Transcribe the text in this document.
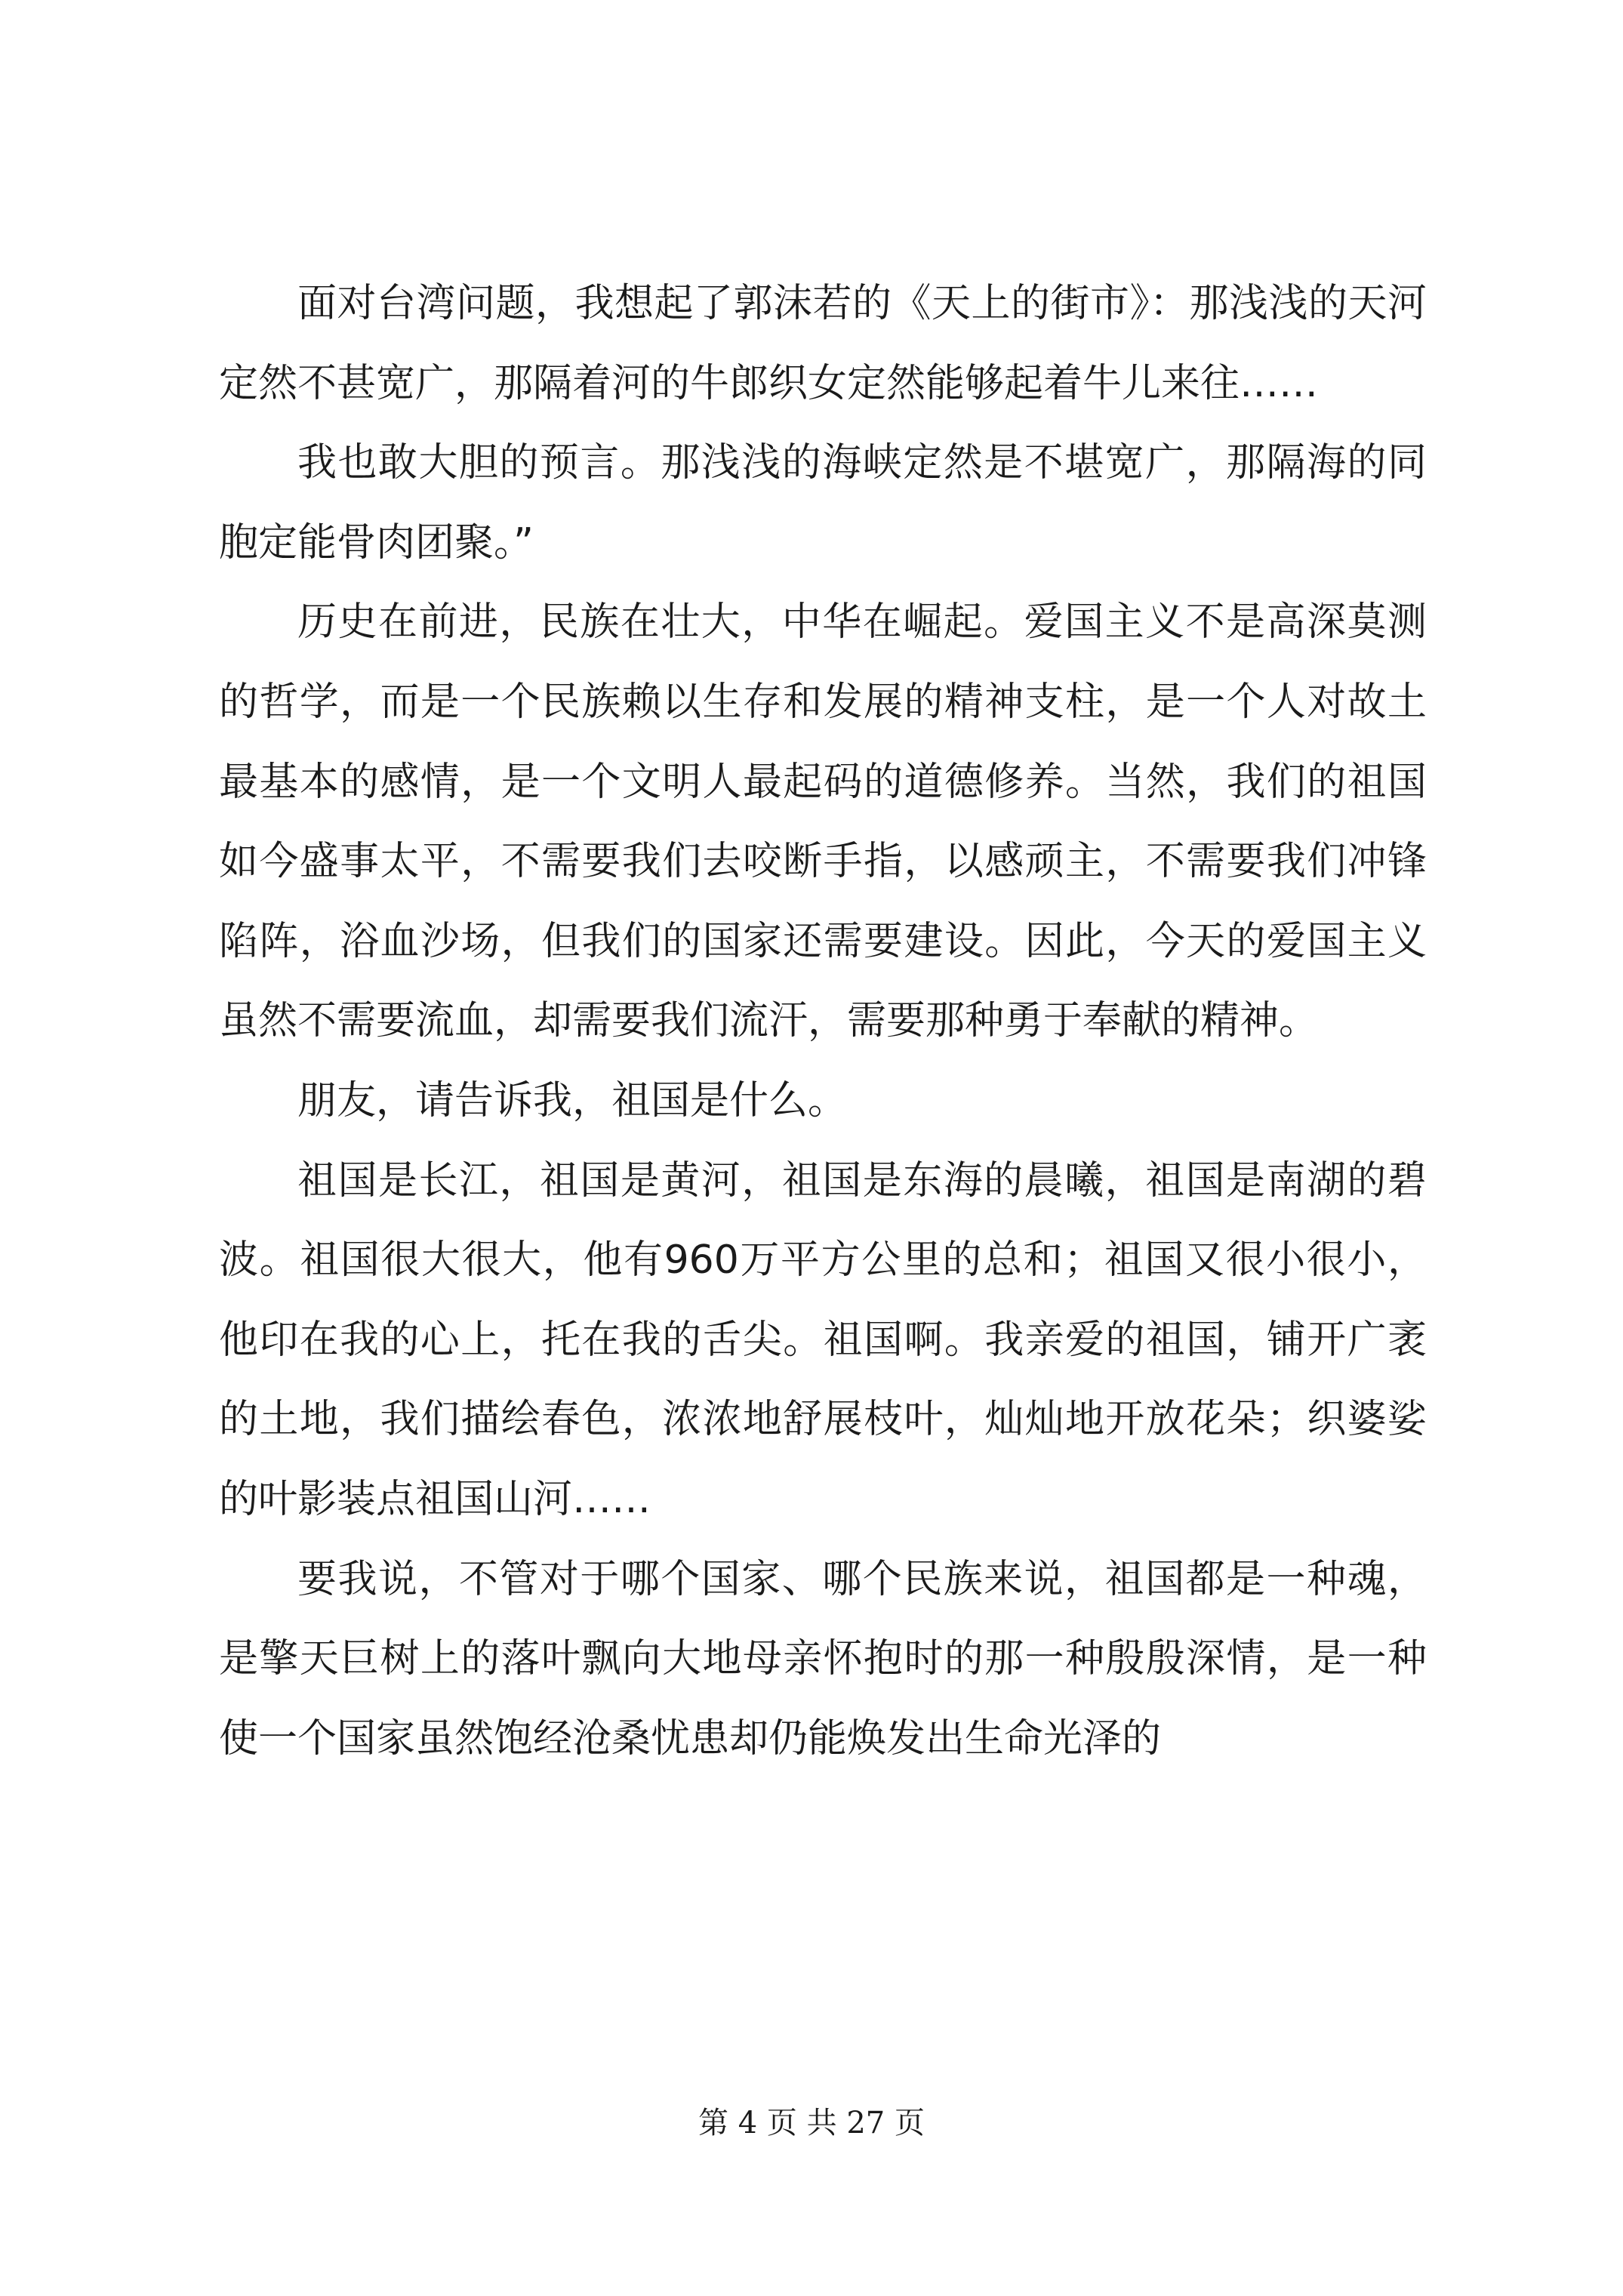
面对台湾问题，我想起了郭沫若的《天上的街市》：那浅浅的天河定然不甚宽广，那隔着河的牛郎织女定然能够起着牛儿来往……

我也敢大胆的预言。那浅浅的海峡定然是不堪宽广，那隔海的同胞定能骨肉团聚。”

历史在前进，民族在壮大，中华在崛起。爱国主义不是高深莫测的哲学，而是一个民族赖以生存和发展的精神支柱，是一个人对故土最基本的感情，是一个文明人最起码的道德修养。当然，我们的祖国如今盛事太平，不需要我们去咬断手指，以感顽主，不需要我们冲锋陷阵，浴血沙场，但我们的国家还需要建设。因此，今天的爱国主义虽然不需要流血，却需要我们流汗，需要那种勇于奉献的精神。

朋友，请告诉我，祖国是什么。

祖国是长江，祖国是黄河，祖国是东海的晨曦，祖国是南湖的碧波。祖国很大很大，他有960万平方公里的总和；祖国又很小很小，他印在我的心上，托在我的舌尖。祖国啊。我亲爱的祖国，铺开广袤的土地，我们描绘春色，浓浓地舒展枝叶，灿灿地开放花朵；织婆娑的叶影装点祖国山河……

要我说，不管对于哪个国家、哪个民族来说，祖国都是一种魂，是擎天巨树上的落叶飘向大地母亲怀抱时的那一种殷殷深情，是一种使一个国家虽然饱经沧桑忧患却仍能焕发出生命光泽的

第 4 页 共 27 页
